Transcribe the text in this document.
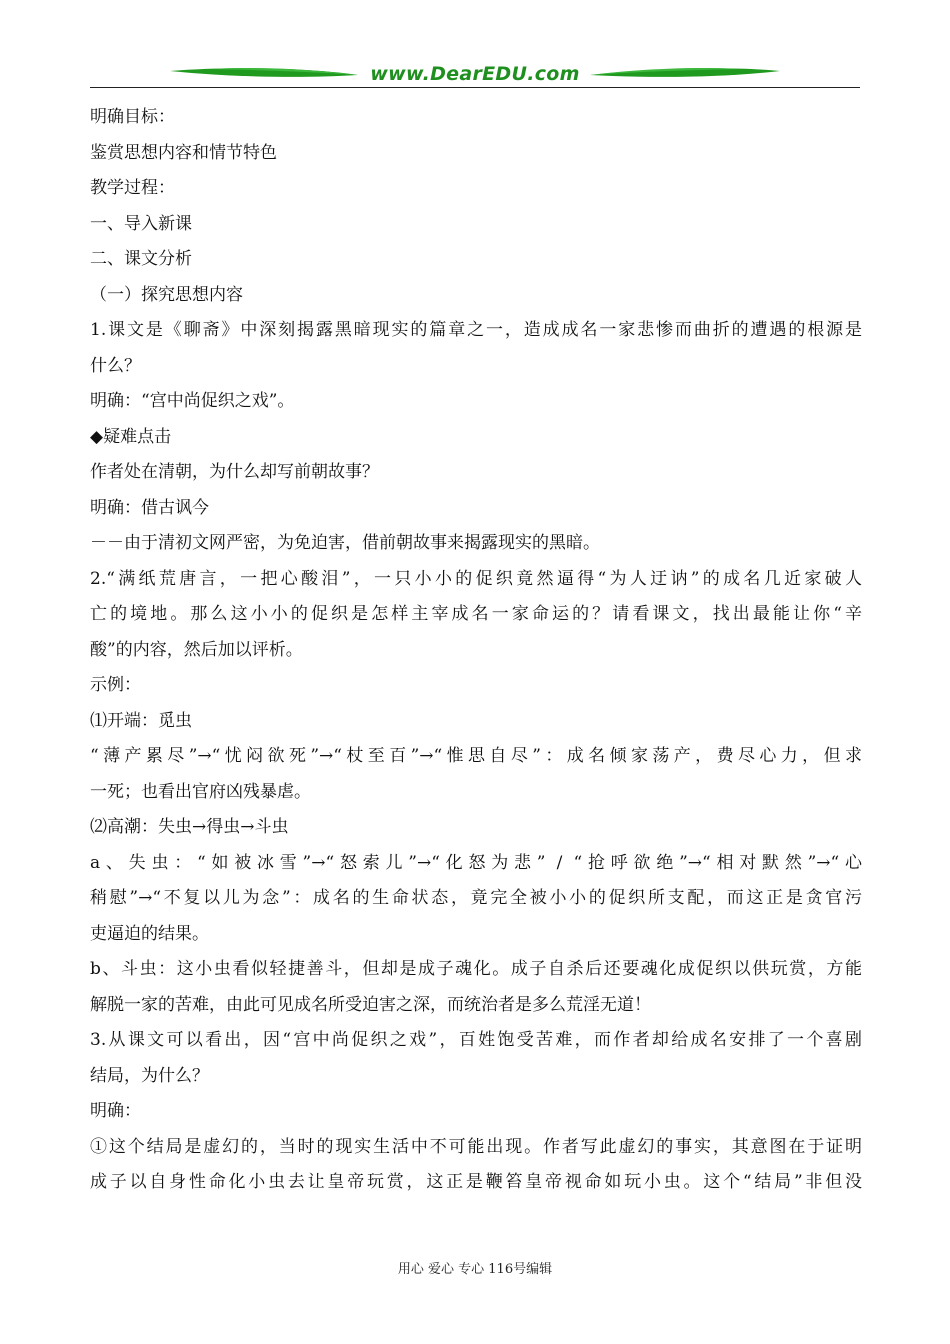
www.DearEDU.com
明确目标：
鉴赏思想内容和情节特色
教学过程：
一、导入新课
二、课文分析
（一）探究思想内容
1.课文是《聊斋》中深刻揭露黑暗现实的篇章之一，造成成名一家悲惨而曲折的遭遇的根源是
什么？
明确：“宫中尚促织之戏”。
◆疑难点击
作者处在清朝，为什么却写前朝故事？
明确：借古讽今
－－由于清初文网严密，为免迫害，借前朝故事来揭露现实的黑暗。
2.“满纸荒唐言，一把心酸泪”，一只小小的促织竟然逼得“为人迂讷”的成名几近家破人
亡的境地。那么这小小的促织是怎样主宰成名一家命运的？请看课文，找出最能让你“辛
酸”的内容，然后加以评析。
示例：
⑴开端：觅虫
“薄产累尽”→“忧闷欲死”→“杖至百”→“惟思自尽”：成名倾家荡产，费尽心力，但求
一死；也看出官府凶残暴虐。
⑵高潮：失虫→得虫→斗虫
a、失虫：“如被冰雪”→“怒索儿”→“化怒为悲” / “抢呼欲绝”→“相对默然”→“心
稍慰”→“不复以儿为念”：成名的生命状态，竟完全被小小的促织所支配，而这正是贪官污
吏逼迫的结果。
b、斗虫：这小虫看似轻捷善斗，但却是成子魂化。成子自杀后还要魂化成促织以供玩赏，方能
解脱一家的苦难，由此可见成名所受迫害之深，而统治者是多么荒淫无道！
3.从课文可以看出，因“宫中尚促织之戏”，百姓饱受苦难，而作者却给成名安排了一个喜剧
结局，为什么？
明确：
①这个结局是虚幻的，当时的现实生活中不可能出现。作者写此虚幻的事实，其意图在于证明
成子以自身性命化小虫去让皇帝玩赏，这正是鞭笞皇帝视命如玩小虫。这个“结局”非但没
用心 爱心 专心 116号编辑
